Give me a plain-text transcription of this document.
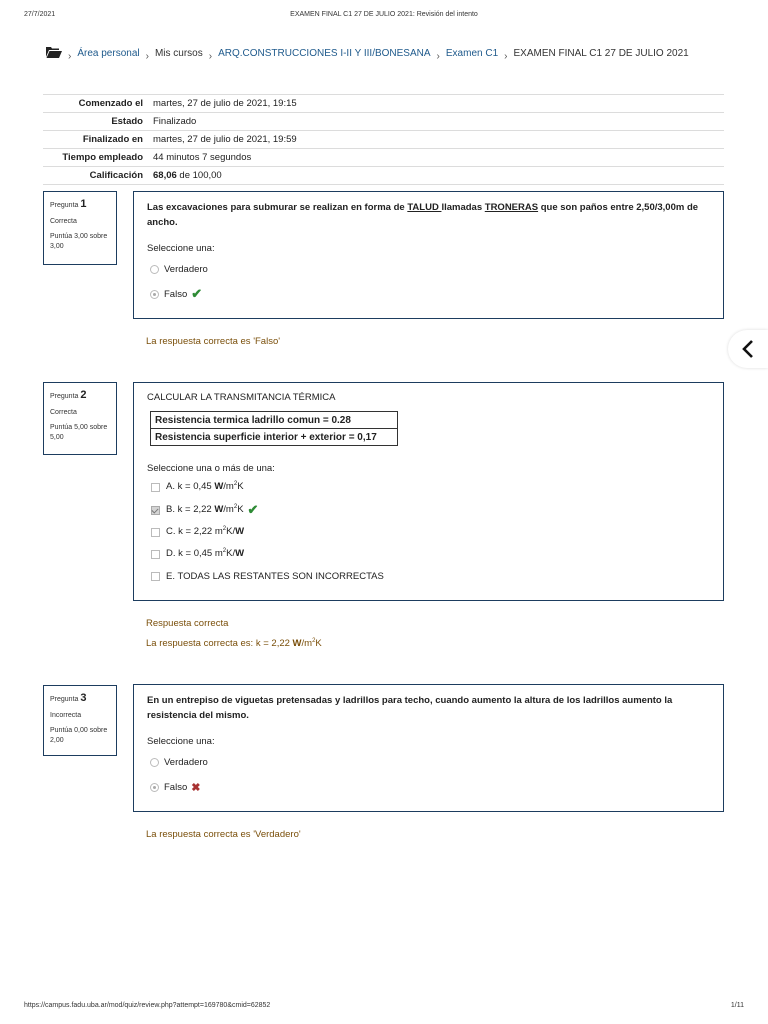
27/7/2021	EXAMEN FINAL C1 27 DE JULIO 2021: Revisión del intento
› Área personal › Mis cursos › ARQ.CONSTRUCCIONES I-II Y III/BONESANA › Examen C1 › EXAMEN FINAL C1 27 DE JULIO 2021
Comenzado el	martes, 27 de julio de 2021, 19:15
Estado	Finalizado
Finalizado en	martes, 27 de julio de 2021, 19:59
Tiempo empleado	44 minutos 7 segundos
Calificación	68,06 de 100,00
Pregunta 1
Correcta
Puntúa 3,00 sobre 3,00
Las excavaciones para submurar se realizan en forma de TALUD llamadas TRONERAS que son paños entre 2,50/3,00m de ancho.
Seleccione una:
Verdadero
Falso ✔
La respuesta correcta es 'Falso'
Pregunta 2
Correcta
Puntúa 5,00 sobre 5,00
CALCULAR LA TRANSMITANCIA TÉRMICA
Resistencia termica ladrillo comun = 0.28
Resistencia superficie interior + exterior = 0,17
Seleccione una o más de una:
A. k = 0,45 $W/m^2K$
B. k = 2,22 $W/m^2K$ ✔
C. k = 2,22 $m^2K/W$
D. k = 0,45 $m^2K/W$
E. TODAS LAS RESTANTES SON INCORRECTAS
Respuesta correcta
La respuesta correcta es: k = 2,22 $W/m^2K$
Pregunta 3
Incorrecta
Puntúa 0,00 sobre 2,00
En un entrepiso de viguetas pretensadas y ladrillos para techo, cuando aumento la altura de los ladrillos aumento la resistencia del mismo.
Seleccione una:
Verdadero
Falso ✖
La respuesta correcta es 'Verdadero'
https://campus.fadu.uba.ar/mod/quiz/review.php?attempt=169780&cmid=62852	1/11
